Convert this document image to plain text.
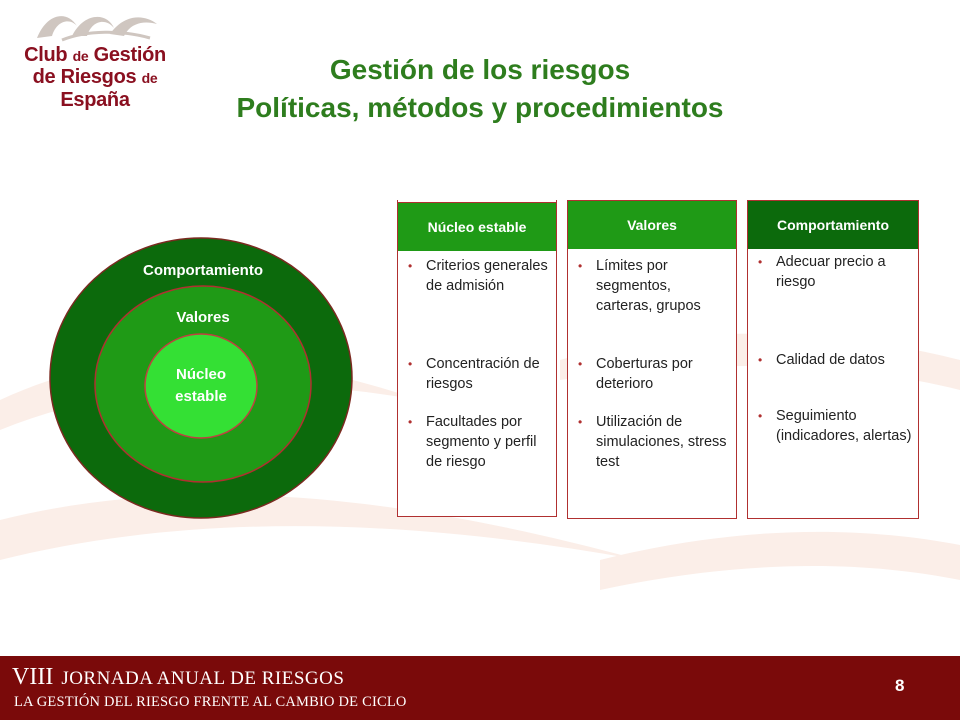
Club de Gestión
de Riesgos de España
Gestión de los riesgos
Políticas, métodos y procedimientos
Comportamiento
Valores
Núcleo
estable
Núcleo estable
• Criterios generales de admisión
• Concentración de riesgos
• Facultades por segmento y perfil de riesgo
Valores
• Límites por segmentos, carteras, grupos
• Coberturas por deterioro
• Utilización de simulaciones, stress test
Comportamiento
• Adecuar precio a riesgo
• Calidad de datos
• Seguimiento (indicadores, alertas)
VIII JORNADA ANUAL DE RIESGOS
LA GESTIÓN DEL RIESGO FRENTE AL CAMBIO DE CICLO
8
